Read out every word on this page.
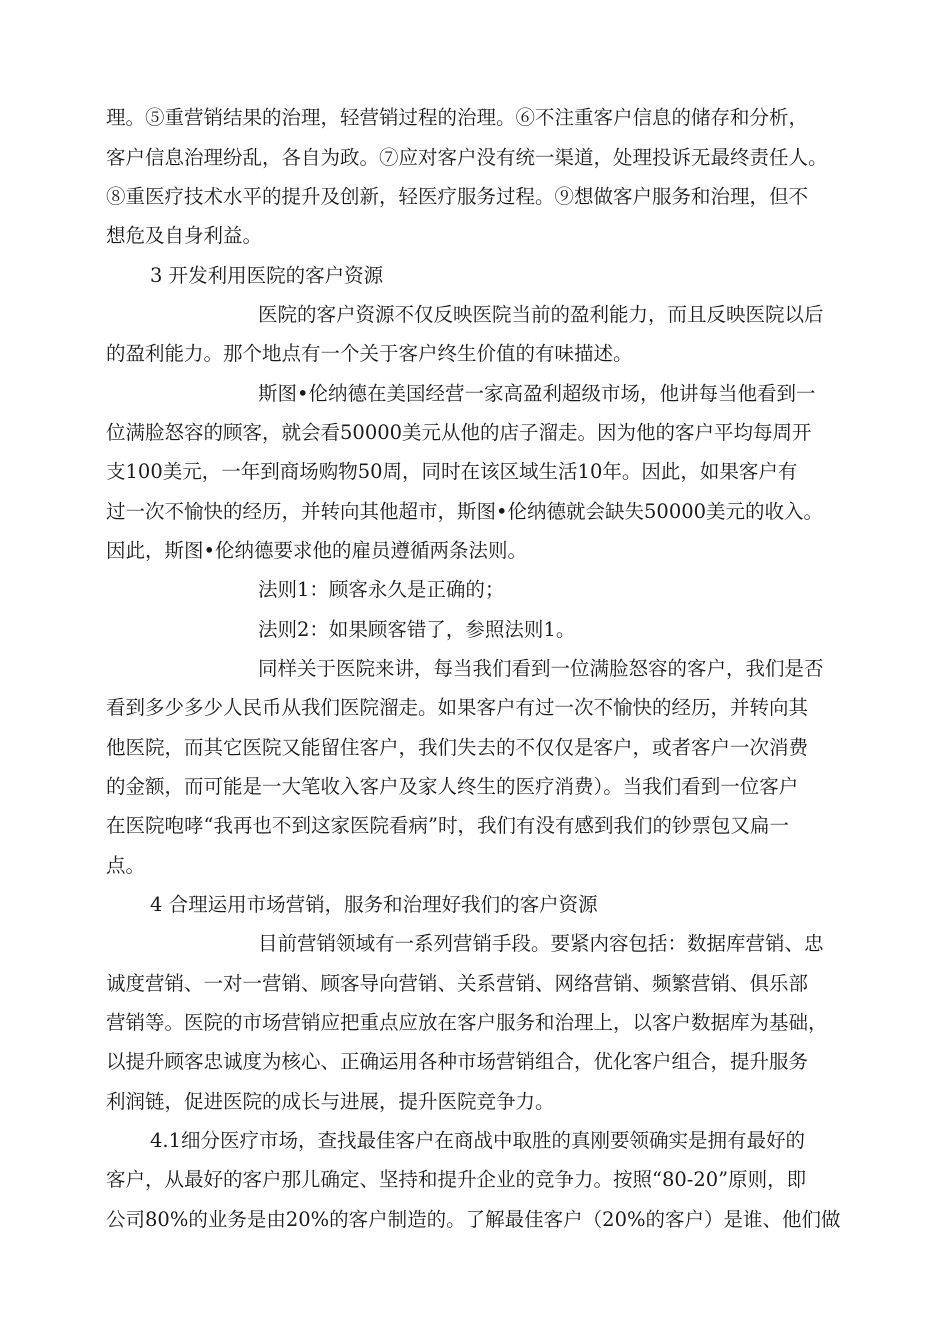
理。⑤重营销结果的治理，轻营销过程的治理。⑥不注重客户信息的储存和分析，
客户信息治理纷乱，各自为政。⑦应对客户没有统一渠道，处理投诉无最终责任人。
⑧重医疗技术水平的提升及创新，轻医疗服务过程。⑨想做客户服务和治理，但不
想危及自身利益。
3 开发利用医院的客户资源
医院的客户资源不仅反映医院当前的盈利能力，而且反映医院以后
的盈利能力。那个地点有一个关于客户终生价值的有味描述。
斯图•伦纳德在美国经营一家高盈利超级市场，他讲每当他看到一
位满脸怒容的顾客，就会看50000美元从他的店子溜走。因为他的客户平均每周开
支100美元，一年到商场购物50周，同时在该区域生活10年。因此，如果客户有
过一次不愉快的经历，并转向其他超市，斯图•伦纳德就会缺失50000美元的收入。
因此，斯图•伦纳德要求他的雇员遵循两条法则。
法则1：顾客永久是正确的；
法则2：如果顾客错了，参照法则1。
同样关于医院来讲，每当我们看到一位满脸怒容的客户，我们是否
看到多少多少人民币从我们医院溜走。如果客户有过一次不愉快的经历，并转向其
他医院，而其它医院又能留住客户，我们失去的不仅仅是客户，或者客户一次消费
的金额，而可能是一大笔收入客户及家人终生的医疗消费）。当我们看到一位客户
在医院咆哮“我再也不到这家医院看病”时，我们有没有感到我们的钞票包又扁一
点。
4 合理运用市场营销，服务和治理好我们的客户资源
目前营销领域有一系列营销手段。要紧内容包括：数据库营销、忠
诚度营销、一对一营销、顾客导向营销、关系营销、网络营销、频繁营销、俱乐部
营销等。医院的市场营销应把重点应放在客户服务和治理上，以客户数据库为基础，
以提升顾客忠诚度为核心、正确运用各种市场营销组合，优化客户组合，提升服务
利润链，促进医院的成长与进展，提升医院竞争力。
4.1细分医疗市场，查找最佳客户在商战中取胜的真刚要领确实是拥有最好的
客户，从最好的客户那儿确定、坚持和提升企业的竞争力。按照“80-20”原则，即
公司80%的业务是由20%的客户制造的。了解最佳客户（20%的客户）是谁、他们做
